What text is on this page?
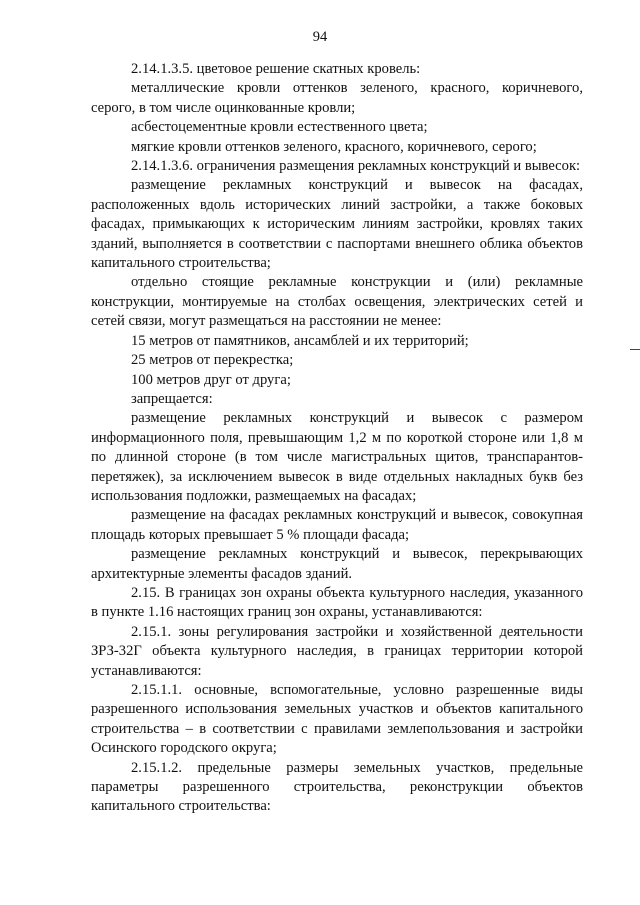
94

2.14.1.3.5. цветовое решение скатных кровель:

металлические кровли оттенков зеленого, красного, коричневого, серого, в том числе оцинкованные кровли;

асбестоцементные кровли естественного цвета;

мягкие кровли оттенков зеленого, красного, коричневого, серого;

2.14.1.3.6. ограничения размещения рекламных конструкций и вывесок:

размещение рекламных конструкций и вывесок на фасадах, расположенных вдоль исторических линий застройки, а также боковых фасадах, примыкающих к историческим линиям застройки, кровлях таких зданий, выполняется в соответствии с паспортами внешнего облика объектов капитального строительства;

отдельно стоящие рекламные конструкции и (или) рекламные конструкции, монтируемые на столбах освещения, электрических сетей и сетей связи, могут размещаться на расстоянии не менее:

15 метров от памятников, ансамблей и их территорий;

25 метров от перекрестка;

100 метров друг от друга;

запрещается:

размещение рекламных конструкций и вывесок с размером информационного поля, превышающим 1,2 м по короткой стороне или 1,8 м по длинной стороне (в том числе магистральных щитов, транспарантов-перетяжек), за исключением вывесок в виде отдельных накладных букв без использования подложки, размещаемых на фасадах;

размещение на фасадах рекламных конструкций и вывесок, совокупная площадь которых превышает 5 % площади фасада;

размещение рекламных конструкций и вывесок, перекрывающих архитектурные элементы фасадов зданий.

2.15. В границах зон охраны объекта культурного наследия, указанного в пункте 1.16 настоящих границ зон охраны, устанавливаются:

2.15.1. зоны регулирования застройки и хозяйственной деятельности ЗРЗ-32Г объекта культурного наследия, в границах территории которой устанавливаются:

2.15.1.1. основные, вспомогательные, условно разрешенные виды разрешенного использования земельных участков и объектов капитального строительства – в соответствии с правилами землепользования и застройки Осинского городского округа;

2.15.1.2. предельные размеры земельных участков, предельные параметры разрешенного строительства, реконструкции объектов капитального строительства:
